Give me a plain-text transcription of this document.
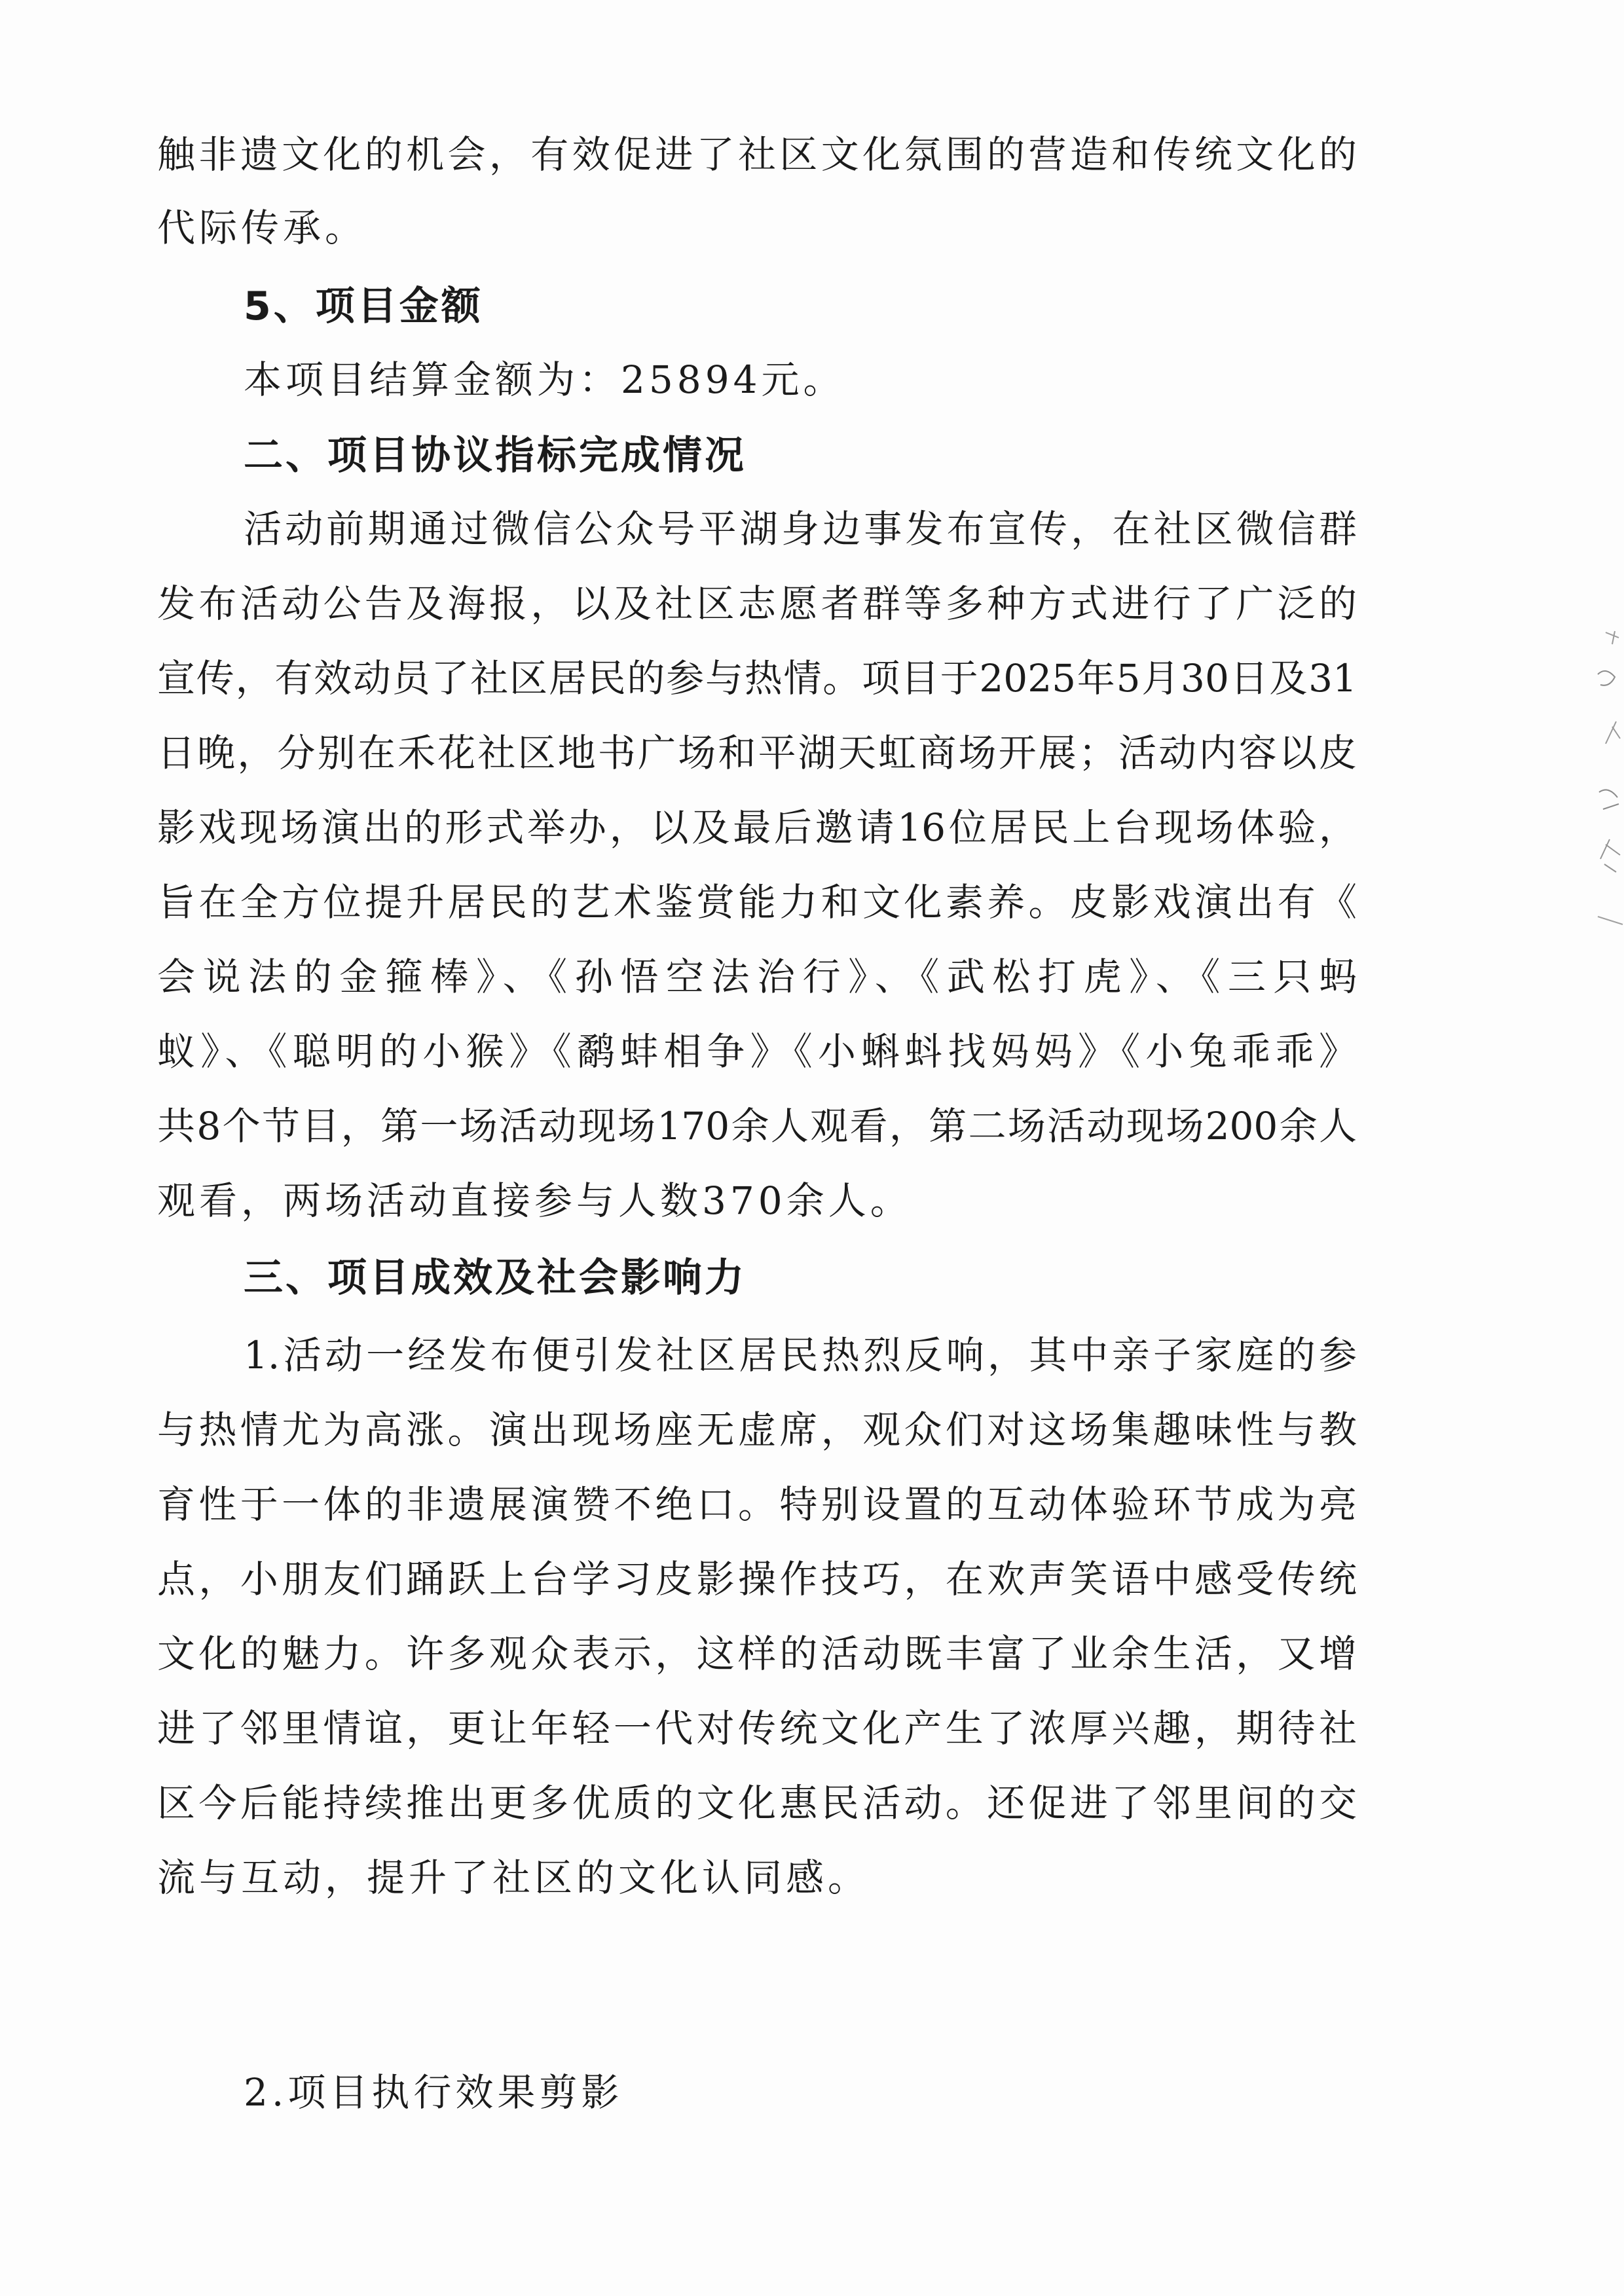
触非遗文化的机会，有效促进了社区文化氛围的营造和传统文化的
代际传承。
5、项目金额
本项目结算金额为：25894元。
二、项目协议指标完成情况
活动前期通过微信公众号平湖身边事发布宣传，在社区微信群
发布活动公告及海报，以及社区志愿者群等多种方式进行了广泛的
宣传，有效动员了社区居民的参与热情。项目于2025年5月30日及31
日晚，分别在禾花社区地书广场和平湖天虹商场开展；活动内容以皮
影戏现场演出的形式举办，以及最后邀请16位居民上台现场体验，
旨在全方位提升居民的艺术鉴赏能力和文化素养。皮影戏演出有《
会说法的金箍棒》、《孙悟空法治行》、《武松打虎》、《三只蚂
蚁》、《聪明的小猴》《鹬蚌相争》《小蝌蚪找妈妈》《小兔乖乖》
共8个节目，第一场活动现场170余人观看，第二场活动现场200余人
观看，两场活动直接参与人数370余人。
三、项目成效及社会影响力
1.活动一经发布便引发社区居民热烈反响，其中亲子家庭的参
与热情尤为高涨。演出现场座无虚席，观众们对这场集趣味性与教
育性于一体的非遗展演赞不绝口。特别设置的互动体验环节成为亮
点，小朋友们踊跃上台学习皮影操作技巧，在欢声笑语中感受传统
文化的魅力。许多观众表示，这样的活动既丰富了业余生活，又增
进了邻里情谊，更让年轻一代对传统文化产生了浓厚兴趣，期待社
区今后能持续推出更多优质的文化惠民活动。还促进了邻里间的交
流与互动，提升了社区的文化认同感。
2.项目执行效果剪影
